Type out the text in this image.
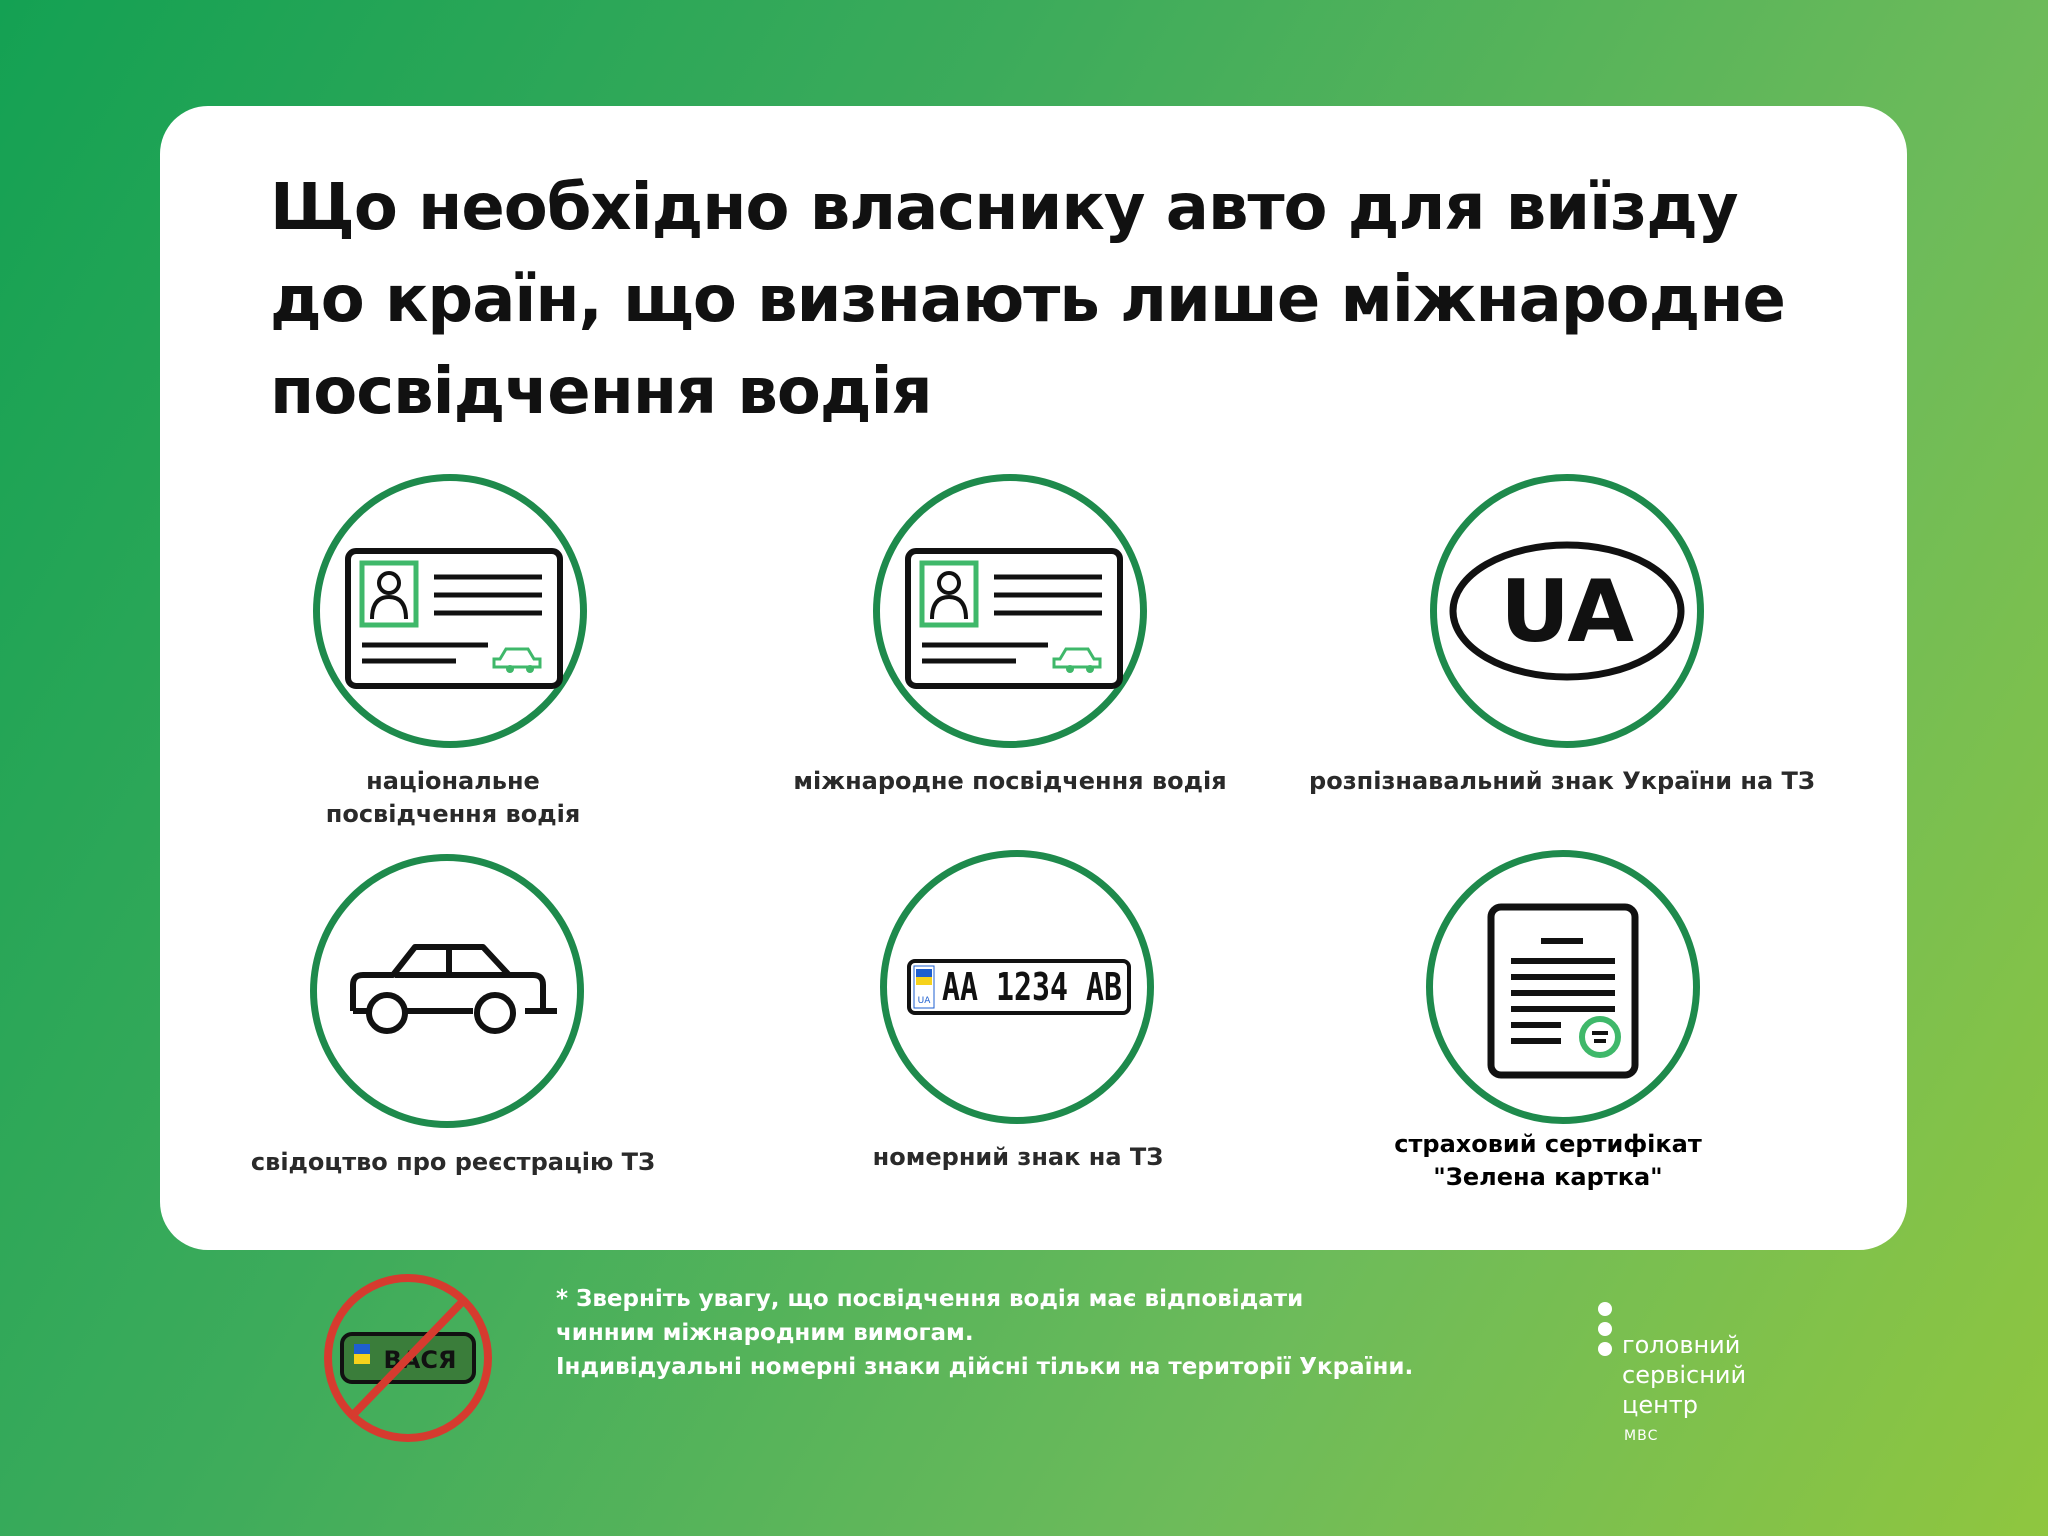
Що необхідно власнику авто для виїзду
до країн, що визнають лише міжнародне
посвідчення водія
національне
посвідчення водія
міжнародне посвідчення водія
UA
розпізнавальний знак України на ТЗ
свідоцтво про реєстрацію ТЗ
UA AA 1234 AB
номерний знак на ТЗ	страховий сертифікат
"Зелена картка"
ВАСЯ
* Зверніть увагу, що посвідчення водія має відповідати
чинним міжнародним вимогам.
Індивідуальні номерні знаки дійсні тільки на території України.
головний
сервісний
центр
МВС
